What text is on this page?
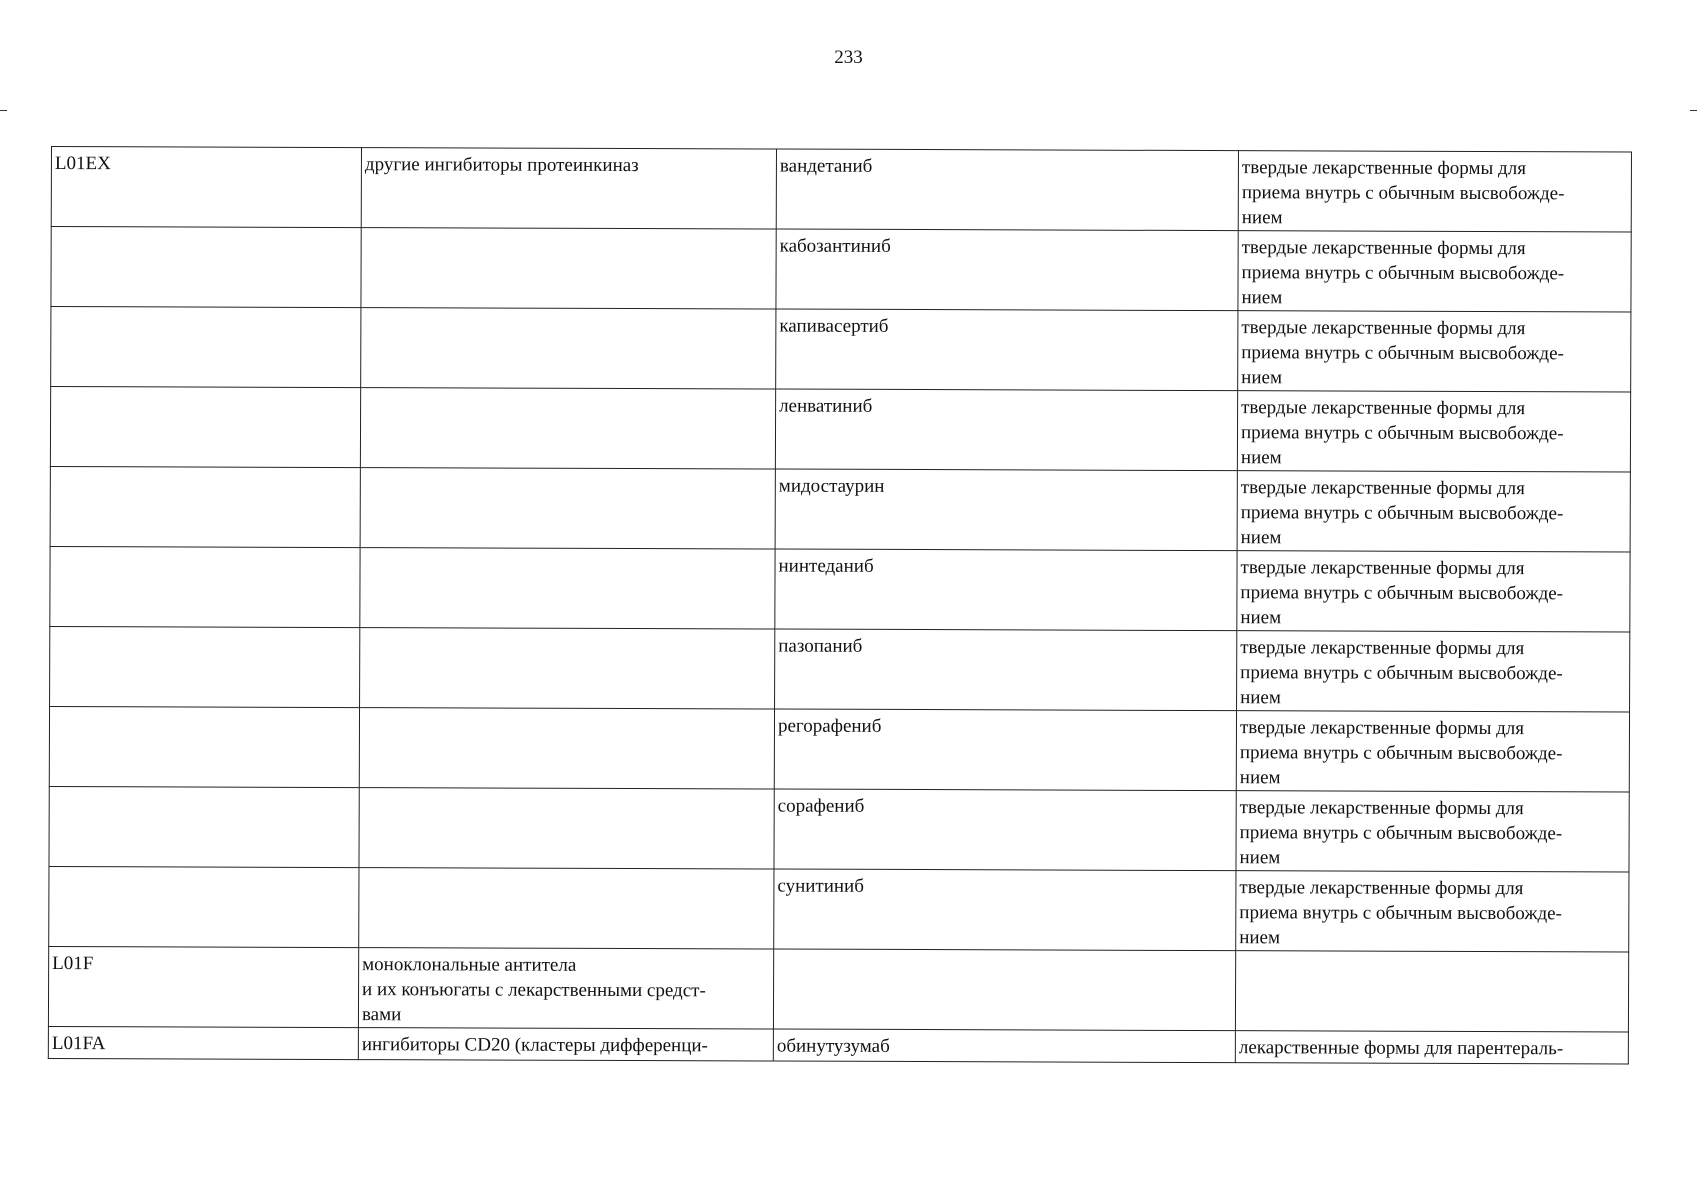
233
L01EX	другие ингибиторы протеинкиназ	вандетаниб	твердые лекарственные формы для
приема внутрь с обычным высвобожде-
нием
		кабозантиниб	твердые лекарственные формы для
приема внутрь с обычным высвобожде-
нием
		капивасертиб	твердые лекарственные формы для
приема внутрь с обычным высвобожде-
нием
		ленватиниб	твердые лекарственные формы для
приема внутрь с обычным высвобожде-
нием
		мидостаурин	твердые лекарственные формы для
приема внутрь с обычным высвобожде-
нием
		нинтеданиб	твердые лекарственные формы для
приема внутрь с обычным высвобожде-
нием
		пазопаниб	твердые лекарственные формы для
приема внутрь с обычным высвобожде-
нием
		регорафениб	твердые лекарственные формы для
приема внутрь с обычным высвобожде-
нием
		сорафениб	твердые лекарственные формы для
приема внутрь с обычным высвобожде-
нием
		сунитиниб	твердые лекарственные формы для
приема внутрь с обычным высвобожде-
нием
L01F	моноклональные антитела
и их конъюгаты с лекарственными средст-
вами		
L01FA	ингибиторы CD20 (кластеры дифференци-	обинутузумаб	лекарственные формы для парентераль-
